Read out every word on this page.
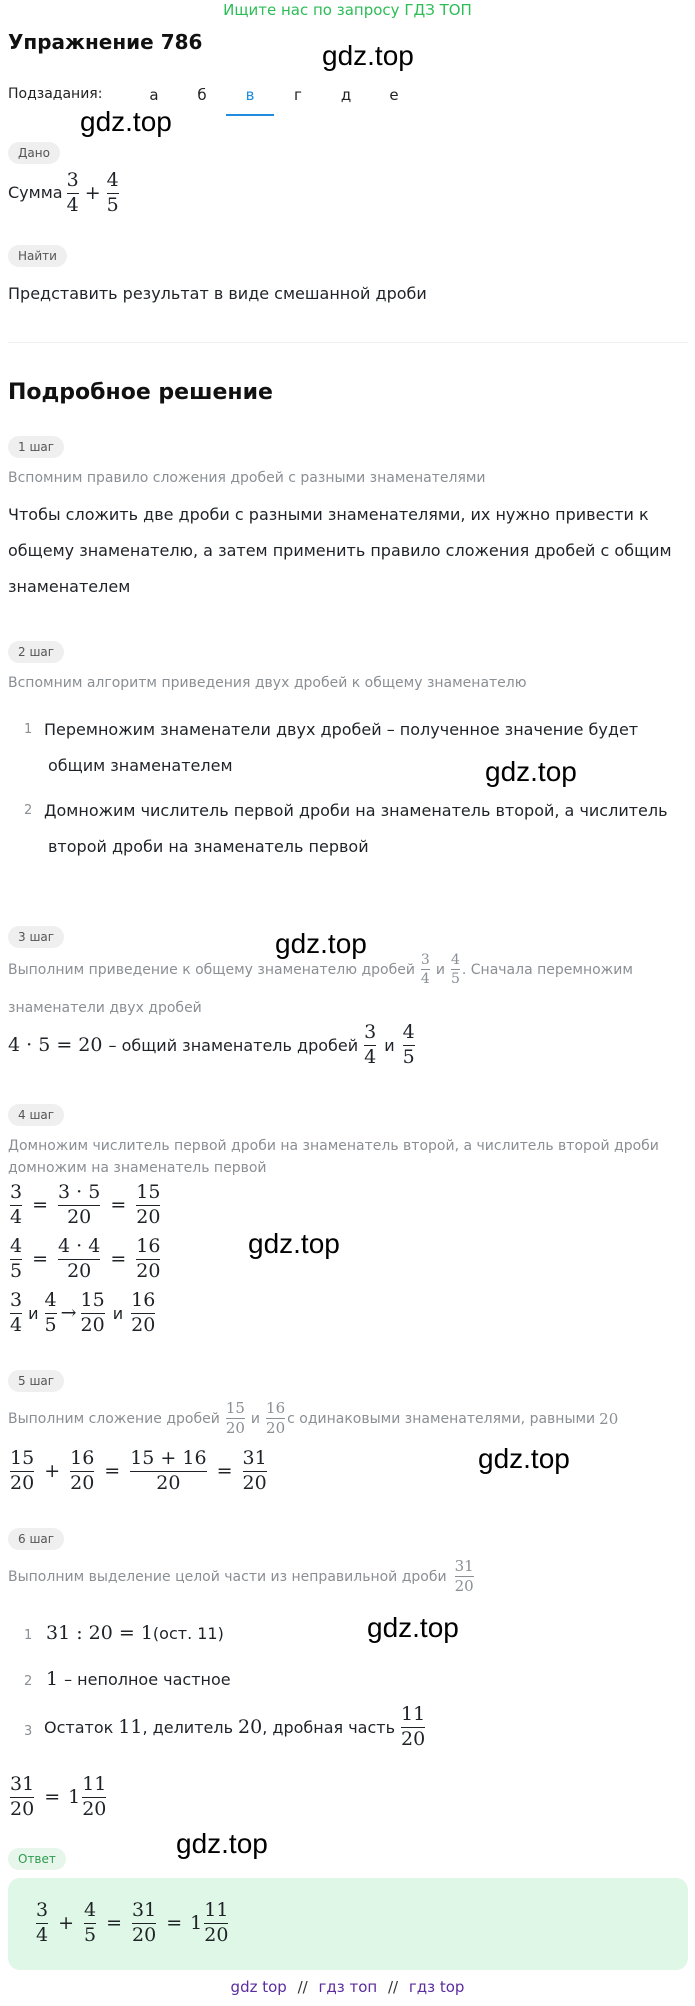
Ищите нас по запросу ГДЗ ТОП
Упражнение 786	gdz.top
gdz.top
gdz.top
gdz.top
gdz.top
gdz.top
gdz.top
gdz.top
Подзадания:	а	б	в	г	д	е
Дано
Сумма $\frac{3}{4} + \frac{4}{5}$
Найти
Представить результат в виде смешанной дроби
Подробное решение
1 шаг
Вспомним правило сложения дробей с разными знаменателями
Чтобы сложить две дроби с разными знаменателями, их нужно привести к
общему знаменателю, а затем применить правило сложения дробей с общим
знаменателем
2 шаг
Вспомним алгоритм приведения двух дробей к общему знаменателю
1 Перемножим знаменатели двух дробей – полученное значение будет
общим знаменателем
2 Домножим числитель первой дроби на знаменатель второй, а числитель
второй дроби на знаменатель первой
3 шаг
Выполним приведение к общему знаменателю дробей $\frac{3}{4}$ и $\frac{4}{5}$ . Сначала перемножим
знаменатели двух дробей
4 · 5 = 20 – общий знаменатель дробей $\frac{3}{4}$ и $\frac{4}{5}$
4 шаг
Домножим числитель первой дроби на знаменатель второй, а числитель второй дроби
домножим на знаменатель первой
$\frac{3}{4} = \frac{3 \cdot 5}{20} = \frac{15}{20}$
$\frac{4}{5} = \frac{4 \cdot 4}{20} = \frac{16}{20}$
$\frac{3}{4}$ и $\frac{4}{5} \to \frac{15}{20}$ и $\frac{16}{20}$
5 шаг
Выполним сложение дробей $\frac{15}{20}$ и $\frac{16}{20}$ с одинаковыми знаменателями, равными 20
$\frac{15}{20} + \frac{16}{20} = \frac{15 + 16}{20} = \frac{31}{20}$
6 шаг
Выполним выделение целой части из неправильной дроби $\frac{31}{20}$
1 31 : 20 = 1 (ост. 11)
2 1 – неполное частное
3 Остаток 11 , делитель 20 , дробная часть $\frac{11}{20}$
$\frac{31}{20} = 1 \frac{11}{20}$
Ответ
$\frac{3}{4} + \frac{4}{5} = \frac{31}{20} = 1 \frac{11}{20}$
gdz top // гдз топ // гдз top
